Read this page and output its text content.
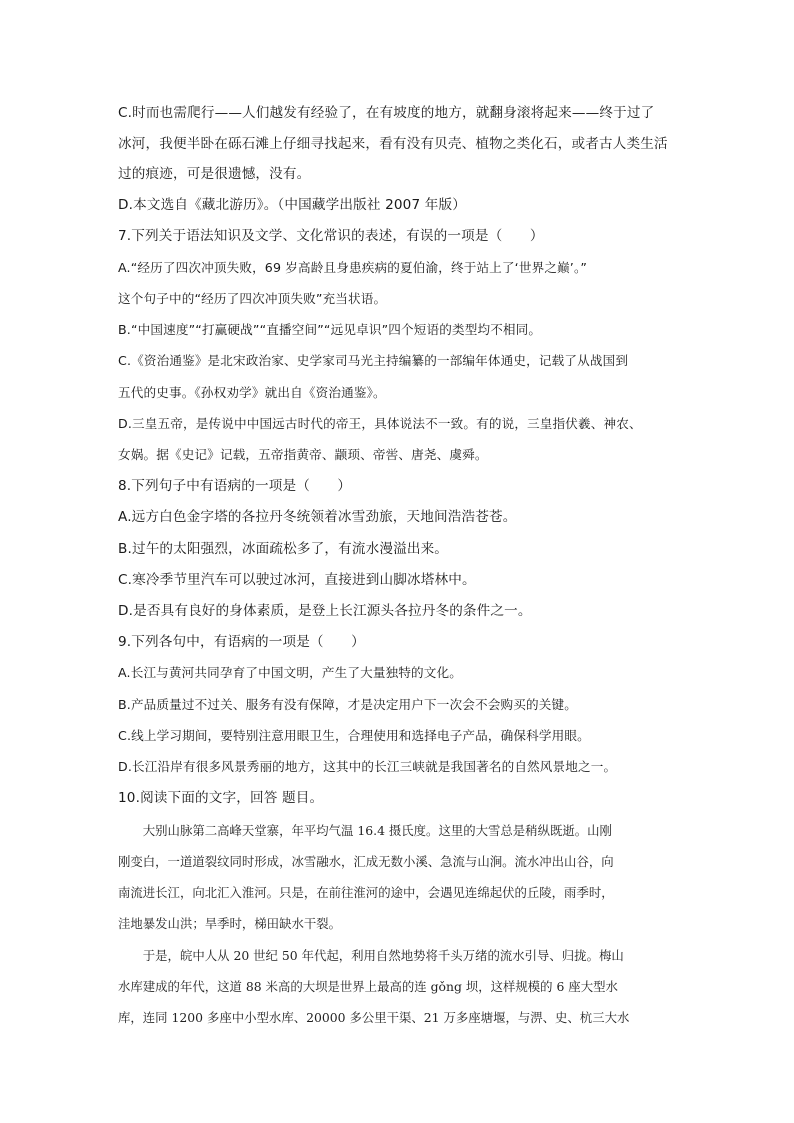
C.时而也需爬行——人们越发有经验了，在有坡度的地方，就翻身滚将起来——终于过了
冰河，我便半卧在砾石滩上仔细寻找起来，看有没有贝壳、植物之类化石，或者古人类生活
过的痕迹，可是很遗憾，没有。
D.本文选自《藏北游历》。（中国藏学出版社 2007 年版）
7.下列关于语法知识及文学、文化常识的表述，有误的一项是（　　）
A.“经历了四次冲顶失败，69 岁高龄且身患疾病的夏伯渝，终于站上了‘世界之巅’。”
这个句子中的“经历了四次冲顶失败”充当状语。
B.“中国速度”“打赢硬战”“直播空间”“远见卓识”四个短语的类型均不相同。
C.《资治通鉴》是北宋政治家、史学家司马光主持编纂的一部编年体通史，记载了从战国到
五代的史事。《孙权劝学》就出自《资治通鉴》。
D.三皇五帝，是传说中中国远古时代的帝王，具体说法不一致。有的说，三皇指伏羲、神农、
女娲。据《史记》记载，五帝指黄帝、颛顼、帝喾、唐尧、虞舜。
8.下列句子中有语病的一项是（　　）
A.远方白色金字塔的各拉丹冬统领着冰雪劲旅，天地间浩浩苍苍。
B.过午的太阳强烈，冰面疏松多了，有流水漫溢出来。
C.寒冷季节里汽车可以驶过冰河，直接进到山脚冰塔林中。
D.是否具有良好的身体素质，是登上长江源头各拉丹冬的条件之一。
9.下列各句中，有语病的一项是（　　）
A.长江与黄河共同孕育了中国文明，产生了大量独特的文化。
B.产品质量过不过关、服务有没有保障，才是决定用户下一次会不会购买的关键。
C.线上学习期间，要特别注意用眼卫生，合理使用和选择电子产品，确保科学用眼。
D.长江沿岸有很多风景秀丽的地方，这其中的长江三峡就是我国著名的自然风景地之一。
10.阅读下面的文字，回答 题目。
　　大别山脉第二高峰天堂寨，年平均气温 16.4 摄氏度。这里的大雪总是稍纵既逝。山刚
刚变白，一道道裂纹同时形成，冰雪融水，汇成无数小溪、急流与山涧。流水冲出山谷，向
南流进长江，向北汇入淮河。只是，在前往淮河的途中，会遇见连绵起伏的丘陵，雨季时，
洼地暴发山洪；旱季时，梯田缺水干裂。
　　于是，皖中人从 20 世纪 50 年代起，利用自然地势将千头万绪的流水引导、归拢。梅山
水库建成的年代，这道 88 米高的大坝是世界上最高的连 gǒng 坝，这样规模的 6 座大型水
库，连同 1200 多座中小型水库、20000 多公里干渠、21 万多座塘堰，与淠、史、杭三大水
